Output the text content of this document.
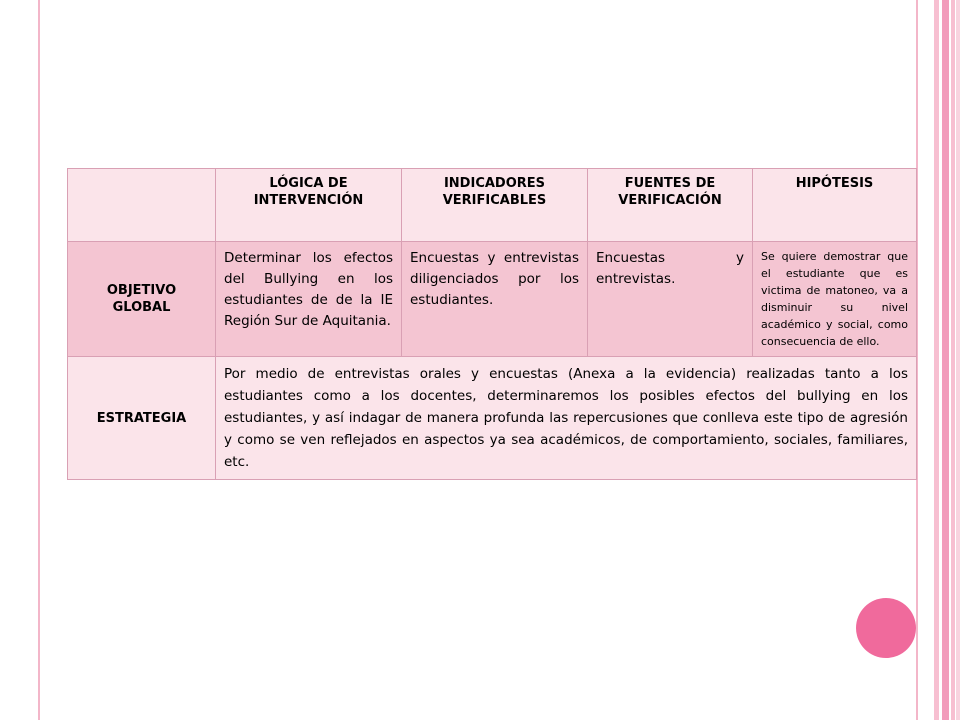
	LÓGICA DE INTERVENCIÓN	INDICADORES VERIFICABLES	FUENTES DE VERIFICACIÓN	HIPÓTESIS
OBJETIVO GLOBAL	Determinar los efectos del Bullying en los estudiantes de de la IE Región Sur de Aquitania.	Encuestas y entrevistas diligenciados por los estudiantes.	Encuestas y entrevistas.	Se quiere demostrar que el estudiante que es victima de matoneo, va a disminuir su nivel académico y social, como consecuencia de ello.
ESTRATEGIA	Por medio de entrevistas orales y encuestas (Anexa a la evidencia) realizadas tanto a los estudiantes como a los docentes, determinaremos los posibles efectos del bullying en los estudiantes, y así indagar de manera profunda las repercusiones que conlleva este tipo de agresión y como se ven reflejados en aspectos ya sea académicos, de comportamiento, sociales, familiares, etc.			
